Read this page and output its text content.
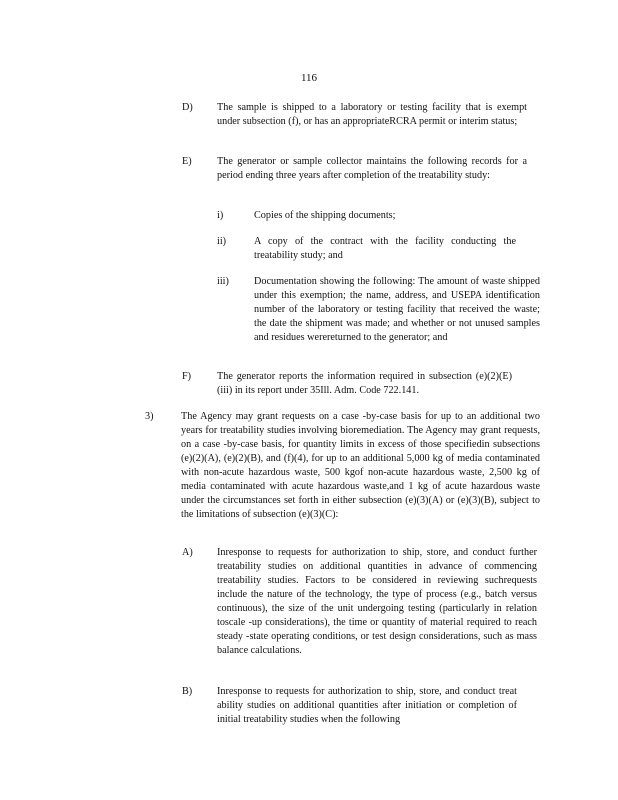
116
D) The sample is shipped to a laboratory or testing facility that is exempt under subsection (f), or has an appropriateRCRA permit or interim status;
E) The generator or sample collector maintains the following records for a period ending three years after completion of the treatability study:
i)	Copies of the shipping documents;
ii)	A copy of the contract with the facility conducting the treatability study; and
iii) Documentation showing the following: The amount of waste shipped under this exemption; the name, address, and USEPA identification number of the laboratory or testing facility that received the waste; the date the shipment was made; and whether or not unused samples and residues werereturned to the generator; and
F)	The generator reports the information required in subsection (e)(2)(E)(iii) in its report under 35Ill. Adm. Code 722.141.
3)	The Agency may grant requests on a case -by-case basis for up to an additional two years for treatability studies involving bioremediation. The Agency may grant requests, on a case -by-case basis, for quantity limits in excess of those specifiedin subsections (e)(2)(A), (e)(2)(B), and (f)(4), for up to an additional 5,000 kg of media contaminated with non-acute hazardous waste, 500 kgof non-acute hazardous waste, 2,500 kg of media contaminated with acute hazardous waste,and 1 kg of acute hazardous waste under the circumstances set forth in either subsection (e)(3)(A) or (e)(3)(B), subject to the limitations of subsection (e)(3)(C):
A) Inresponse to requests for authorization to ship, store, and conduct further treatability studies on additional quantities in advance of commencing treatability studies. Factors to be considered in reviewing suchrequests include the nature of the technology, the type of process (e.g., batch versus continuous), the size of the unit undergoing testing (particularly in relation toscale -up considerations), the time or quantity of material required to reach steady -state operating conditions, or test design considerations, such as mass balance calculations.
B) Inresponse to requests for authorization to ship, store, and conduct treat ability studies on additional quantities after initiation or completion of initial treatability studies when the following
